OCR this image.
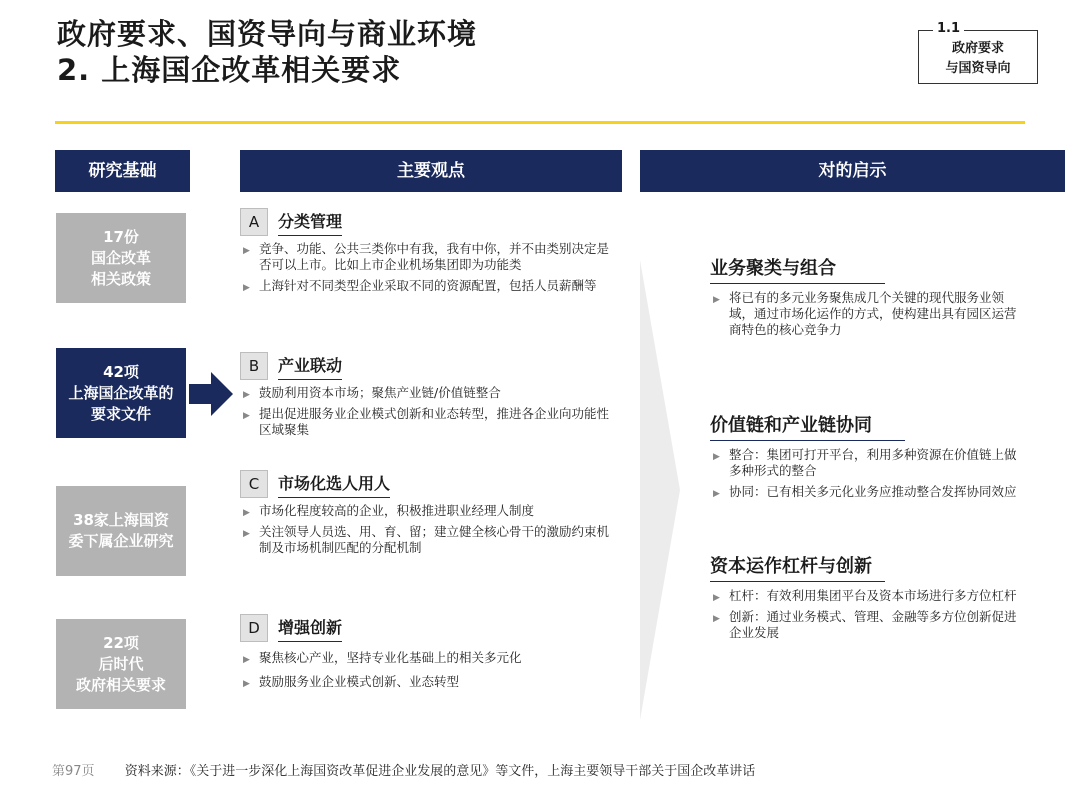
政府要求、国资导向与商业环境
2. 上海国企改革相关要求
1.1
政府要求
与国资导向
研究基础	主要观点	对的启示
17份
国企改革
相关政策
42项
上海国企改革的
要求文件
38家上海国资
委下属企业研究
22项
后时代
政府相关要求
A	分类管理
▶ 竞争、功能、公共三类你中有我，我有中你，并不由类别决定是否可以上市。比如上市企业机场集团即为功能类
▶ 上海针对不同类型企业采取不同的资源配置，包括人员薪酬等
B	产业联动
▶ 鼓励利用资本市场；聚焦产业链/价值链整合
▶ 提出促进服务业企业模式创新和业态转型，推进各企业向功能性区域聚集
C	市场化选人用人
▶ 市场化程度较高的企业，积极推进职业经理人制度
▶ 关注领导人员选、用、育、留；建立健全核心骨干的激励约束机制及市场机制匹配的分配机制
D	增强创新
▶ 聚焦核心产业，坚持专业化基础上的相关多元化
▶ 鼓励服务业企业模式创新、业态转型
业务聚类与组合
▶ 将已有的多元业务聚焦成几个关键的现代服务业领域，通过市场化运作的方式，使构建出具有园区运营商特色的核心竞争力
价值链和产业链协同
▶ 整合：集团可打开平台，利用多种资源在价值链上做多种形式的整合
▶ 协同：已有相关多元化业务应推动整合发挥协同效应
资本运作杠杆与创新
▶ 杠杆：有效利用集团平台及资本市场进行多方位杠杆
▶ 创新：通过业务模式、管理、金融等多方位创新促进企业发展
第97页 资料来源：《关于进一步深化上海国资改革促进企业发展的意见》等文件，上海主要领导干部关于国企改革讲话
